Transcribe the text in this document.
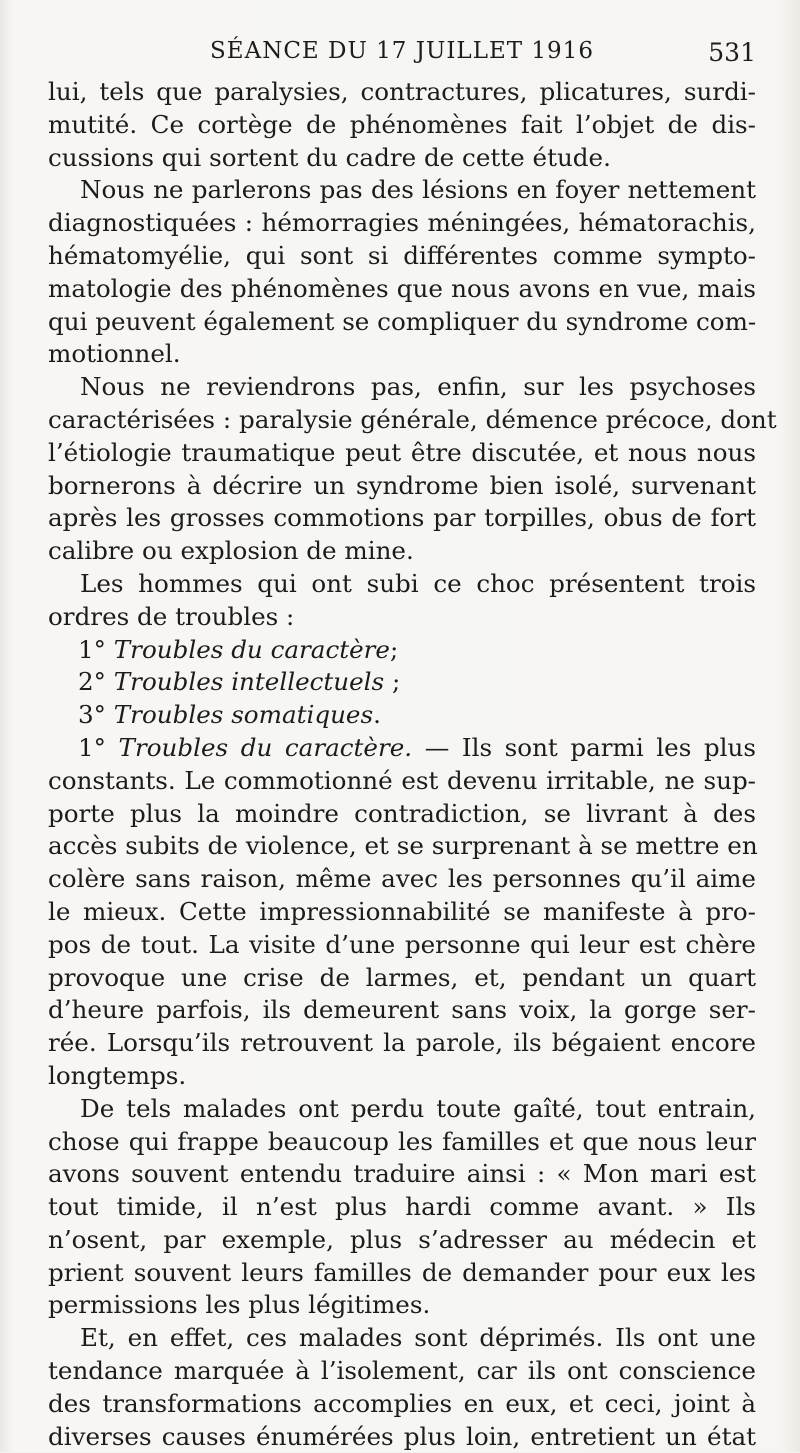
SÉANCE DU 17 JUILLET 1916	531
lui, tels que paralysies, contractures, plicatures, surdi-
mutité. Ce cortège de phénomènes fait l’objet de dis-
cussions qui sortent du cadre de cette étude.
Nous ne parlerons pas des lésions en foyer nettement
diagnostiquées : hémorragies méningées, hématorachis,
hématomyélie, qui sont si différentes comme sympto-
matologie des phénomènes que nous avons en vue, mais
qui peuvent également se compliquer du syndrome com-
motionnel.
Nous ne reviendrons pas, enfin, sur les psychoses
caractérisées : paralysie générale, démence précoce, dont
l’étiologie traumatique peut être discutée, et nous nous
bornerons à décrire un syndrome bien isolé, survenant
après les grosses commotions par torpilles, obus de fort
calibre ou explosion de mine.
Les hommes qui ont subi ce choc présentent trois
ordres de troubles :
1° Troubles du caractère;
2° Troubles intellectuels ;
3° Troubles somatiques.
1° Troubles du caractère. — Ils sont parmi les plus
constants. Le commotionné est devenu irritable, ne sup-
porte plus la moindre contradiction, se livrant à des
accès subits de violence, et se surprenant à se mettre en
colère sans raison, même avec les personnes qu’il aime
le mieux. Cette impressionnabilité se manifeste à pro-
pos de tout. La visite d’une personne qui leur est chère
provoque une crise de larmes, et, pendant un quart
d’heure parfois, ils demeurent sans voix, la gorge ser-
rée. Lorsqu’ils retrouvent la parole, ils bégaient encore
longtemps.
De tels malades ont perdu toute gaîté, tout entrain,
chose qui frappe beaucoup les familles et que nous leur
avons souvent entendu traduire ainsi : « Mon mari est
tout timide, il n’est plus hardi comme avant. » Ils
n’osent, par exemple, plus s’adresser au médecin et
prient souvent leurs familles de demander pour eux les
permissions les plus légitimes.
Et, en effet, ces malades sont déprimés. Ils ont une
tendance marquée à l’isolement, car ils ont conscience
des transformations accomplies en eux, et ceci, joint à
diverses causes énumérées plus loin, entretient un état
